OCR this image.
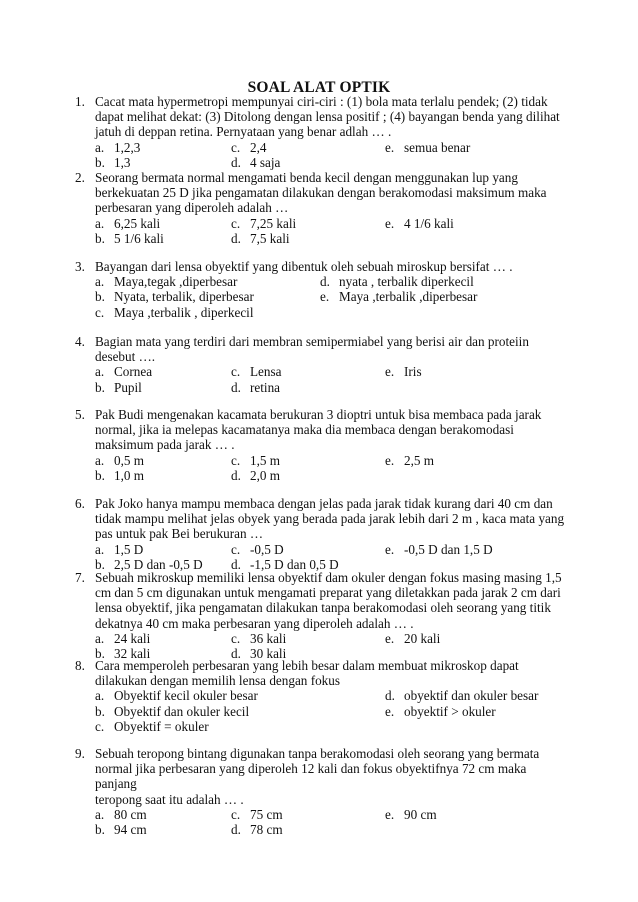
SOAL ALAT OPTIK
1. Cacat mata hypermetropi mempunyai ciri-ciri : (1) bola mata terlalu pendek; (2) tidak
dapat melihat dekat: (3) Ditolong dengan lensa positif ; (4) bayangan benda yang dilihat
jatuh di deppan retina. Pernyataan yang benar adlah … .
a. 1,2,3	c. 2,4	e. semua benar
b. 1,3	d. 4 saja
2. Seorang bermata normal mengamati benda kecil dengan menggunakan lup yang
berkekuatan 25 D jika pengamatan dilakukan dengan berakomodasi maksimum maka
perbesaran yang diperoleh adalah …
a. 6,25 kali	c. 7,25 kali	e. 4 1/6 kali
b. 5 1/6 kali	d. 7,5 kali
3. Bayangan dari lensa obyektif yang dibentuk oleh sebuah miroskup bersifat … .
a. Maya,tegak ,diperbesar	d. nyata , terbalik diperkecil
b. Nyata, terbalik, diperbesar	e. Maya ,terbalik ,diperbesar
c. Maya ,terbalik , diperkecil
4. Bagian mata yang terdiri dari membran semipermiabel yang berisi air dan proteiin
desebut ….
a. Cornea	c. Lensa	e. Iris
b. Pupil	d. retina
5. Pak Budi mengenakan kacamata berukuran 3 dioptri untuk bisa membaca pada jarak
normal, jika ia melepas kacamatanya maka dia membaca dengan berakomodasi
maksimum pada jarak … .
a. 0,5 m	c. 1,5 m	e. 2,5 m
b. 1,0 m	d. 2,0 m
6. Pak Joko hanya mampu membaca dengan jelas pada jarak tidak kurang dari 40 cm dan
tidak mampu melihat jelas obyek yang berada pada jarak lebih dari 2 m , kaca mata yang
pas untuk pak Bei berukuran …
a. 1,5 D	c. -0,5 D	e. -0,5 D dan 1,5 D
b. 2,5 D dan -0,5 D d. -1,5 D dan 0,5 D
7. Sebuah mikroskup memiliki lensa obyektif dam okuler dengan fokus masing masing 1,5
cm dan 5 cm digunakan untuk mengamati preparat yang diletakkan pada jarak 2 cm dari
lensa obyektif, jika pengamatan dilakukan tanpa berakomodasi oleh seorang yang titik
dekatnya 40 cm maka perbesaran yang diperoleh adalah … .
a. 24 kali	c. 36 kali	e. 20 kali
b. 32 kali	d. 30 kali
8. Cara memperoleh perbesaran yang lebih besar dalam membuat mikroskop dapat
dilakukan dengan memilih lensa dengan fokus
a. Obyektif kecil okuler besar	d. obyektif dan okuler besar
b. Obyektif dan okuler kecil	e. obyektif > okuler
c. Obyektif = okuler
9. Sebuah teropong bintang digunakan tanpa berakomodasi oleh seorang yang bermata
normal jika perbesaran yang diperoleh 12 kali dan fokus obyektifnya 72 cm maka panjang
teropong saat itu adalah … .
a. 80 cm	c. 75 cm	e. 90 cm
b. 94 cm	d. 78 cm
